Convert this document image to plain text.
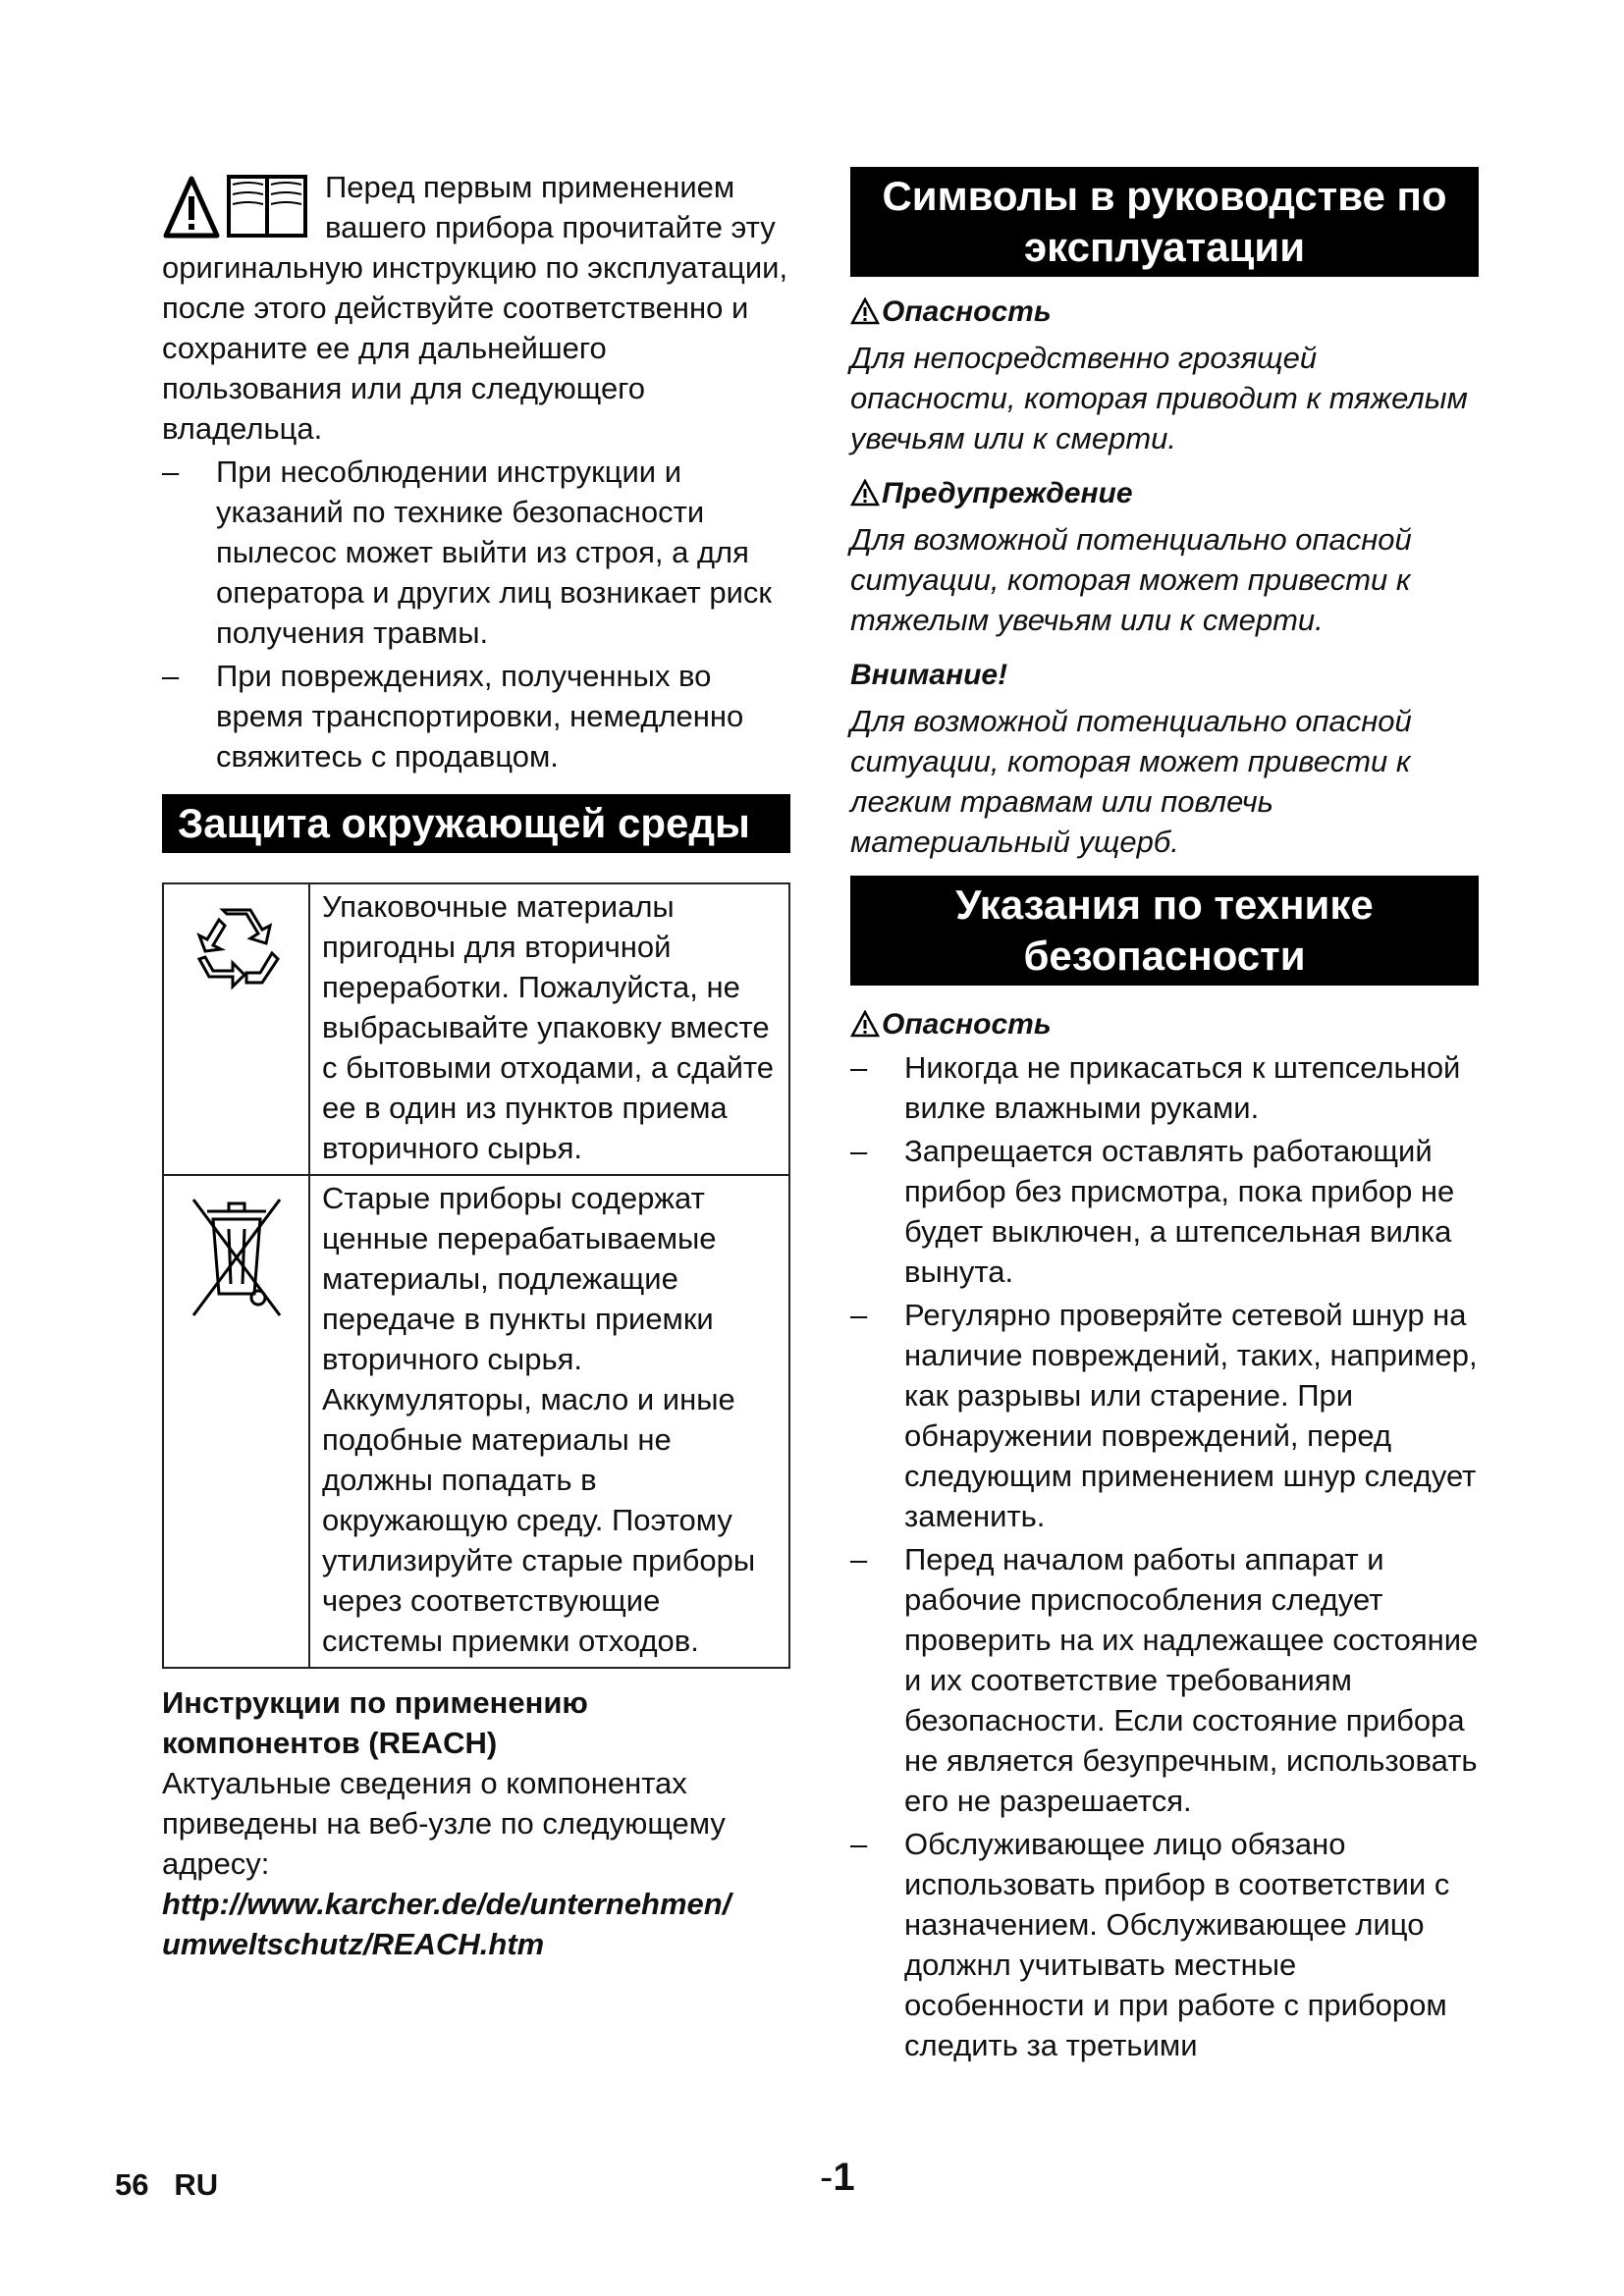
Перед первым применением вашего прибора прочитайте эту оригинальную инструкцию по эксплуатации, после этого действуйте соответственно и сохраните ее для дальнейшего пользования или для следующего владельца.

– При несоблюдении инструкции и указаний по технике безопасности пылесос может выйти из строя, а для оператора и других лиц возникает риск получения травмы.
– При повреждениях, полученных во время транспортировки, немедленно свяжитесь с продавцом.
Защита окружающей среды
	Упаковочные материалы пригодны для вторичной переработки. Пожалуйста, не выбрасывайте упаковку вместе с бытовыми отходами, а сдайте ее в один из пунктов приема вторичного сырья.
	Старые приборы содержат ценные перерабатываемые материалы, подлежащие передаче в пункты приемки вторичного сырья. Аккумуляторы, масло и иные подобные материалы не должны попадать в окружающую среду. Поэтому утилизируйте старые приборы через соответствующие системы приемки отходов.
Инструкции по применению компонентов (REACH)
Актуальные сведения о компонентах приведены на веб-узле по следующему адресу:
http://www.karcher.de/de/unternehmen/ umweltschutz/REACH.htm
Символы в руководстве по эксплуатации
Опасность
Для непосредственно грозящей опасности, которая приводит к тяжелым увечьям или к смерти.
Предупреждение
Для возможной потенциально опасной ситуации, которая может привести к тяжелым увечьям или к смерти.
Внимание!
Для возможной потенциально опасной ситуации, которая может привести к легким травмам или повлечь материальный ущерб.
Указания по технике безопасности
Опасность
– Никогда не прикасаться к штепсельной вилке влажными руками.
– Запрещается оставлять работающий прибор без присмотра, пока прибор не будет выключен, а штепсельная вилка вынута.
– Регулярно проверяйте сетевой шнур на наличие повреждений, таких, например, как разрывы или старение. При обнаружении повреждений, перед следующим применением шнур следует заменить.
– Перед началом работы аппарат и рабочие приспособления следует проверить на их надлежащее состояние и их соответствие требованиям безопасности. Если состояние прибора не является безупречным, использовать его не разрешается.
– Обслуживающее лицо обязано использовать прибор в соответствии с назначением. Обслуживающее лицо должнл учитывать местные особенности и при работе с прибором следить за третьими
56 RU	-1
